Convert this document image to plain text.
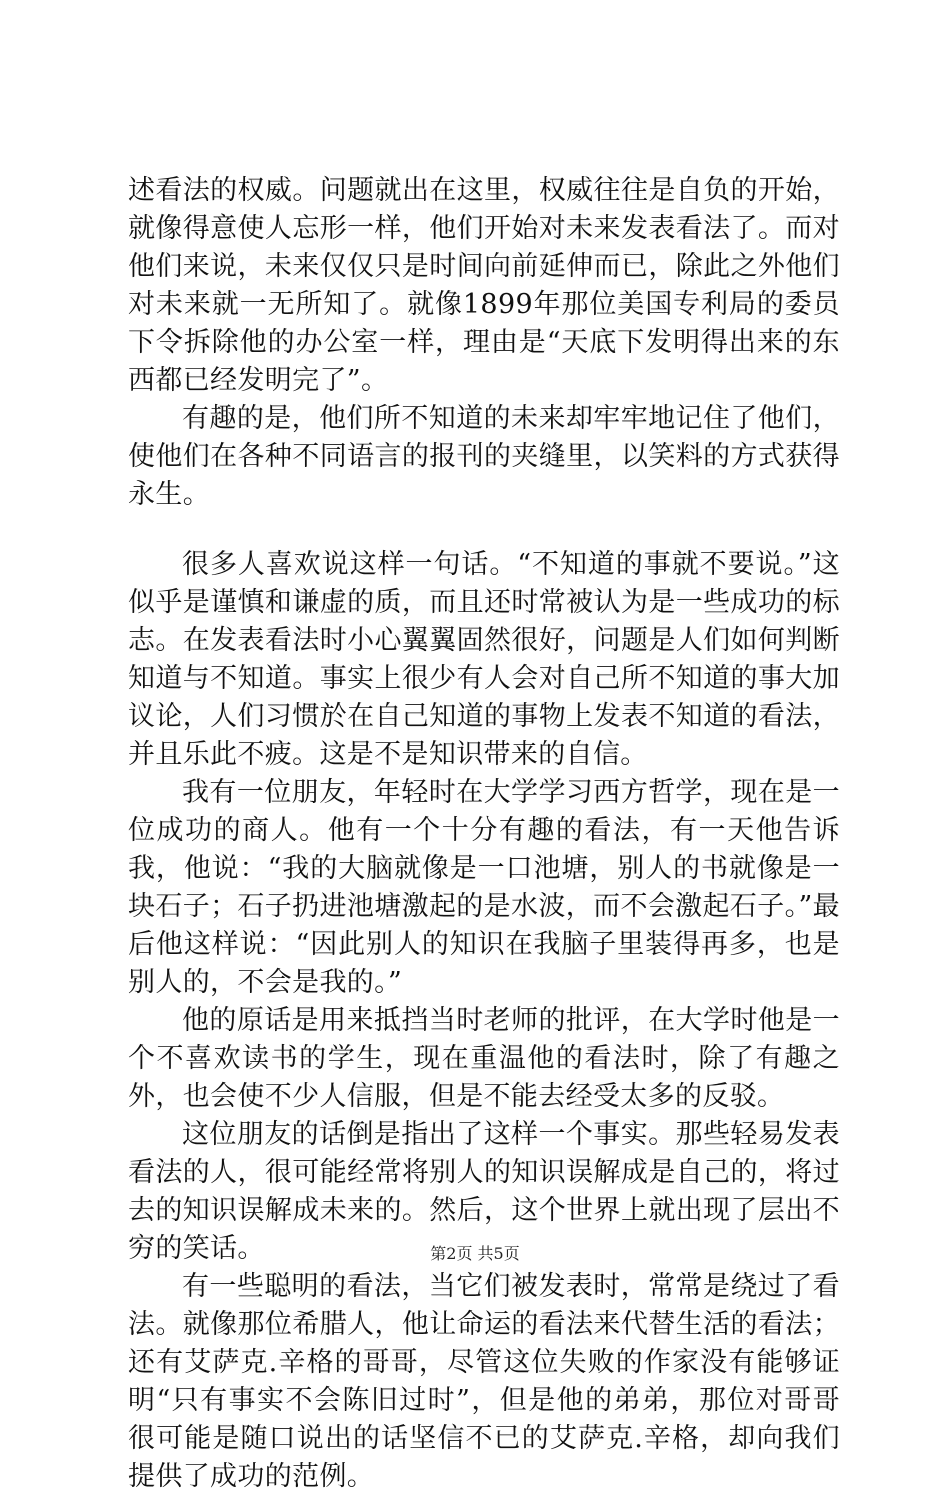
述看法的权威。问题就出在这里，权威往往是自负的开始，就像得意使人忘形一样，他们开始对未来发表看法了。而对他们来说，未来仅仅只是时间向前延伸而已，除此之外他们对未来就一无所知了。就像1899年那位美国专利局的委员下令拆除他的办公室一样，理由是“天底下发明得出来的东西都已经发明完了”。

有趣的是，他们所不知道的未来却牢牢地记住了他们，使他们在各种不同语言的报刊的夹缝里，以笑料的方式获得永生。

很多人喜欢说这样一句话。“不知道的事就不要说。”这似乎是谨慎和谦虚的质，而且还时常被认为是一些成功的标志。在发表看法时小心翼翼固然很好，问题是人们如何判断知道与不知道。事实上很少有人会对自己所不知道的事大加议论，人们习惯於在自己知道的事物上发表不知道的看法，并且乐此不疲。这是不是知识带来的自信。

我有一位朋友，年轻时在大学学习西方哲学，现在是一位成功的商人。他有一个十分有趣的看法，有一天他告诉我，他说：“我的大脑就像是一口池塘，别人的书就像是一块石子；石子扔进池塘激起的是水波，而不会激起石子。”最后他这样说：“因此别人的知识在我脑子里装得再多，也是别人的，不会是我的。”

他的原话是用来抵挡当时老师的批评，在大学时他是一个不喜欢读书的学生，现在重温他的看法时，除了有趣之外，也会使不少人信服，但是不能去经受太多的反驳。

这位朋友的话倒是指出了这样一个事实。那些轻易发表看法的人，很可能经常将别人的知识误解成是自己的，将过去的知识误解成未来的。然后，这个世界上就出现了层出不穷的笑话。

有一些聪明的看法，当它们被发表时，常常是绕过了看法。就像那位希腊人，他让命运的看法来代替生活的看法；还有艾萨克.辛格的哥哥，尽管这位失败的作家没有能够证明“只有事实不会陈旧过时”，但是他的弟弟，那位对哥哥很可能是随口说出的话坚信不已的艾萨克.辛格，却向我们提供了成功的范例。

第2页 共5页
